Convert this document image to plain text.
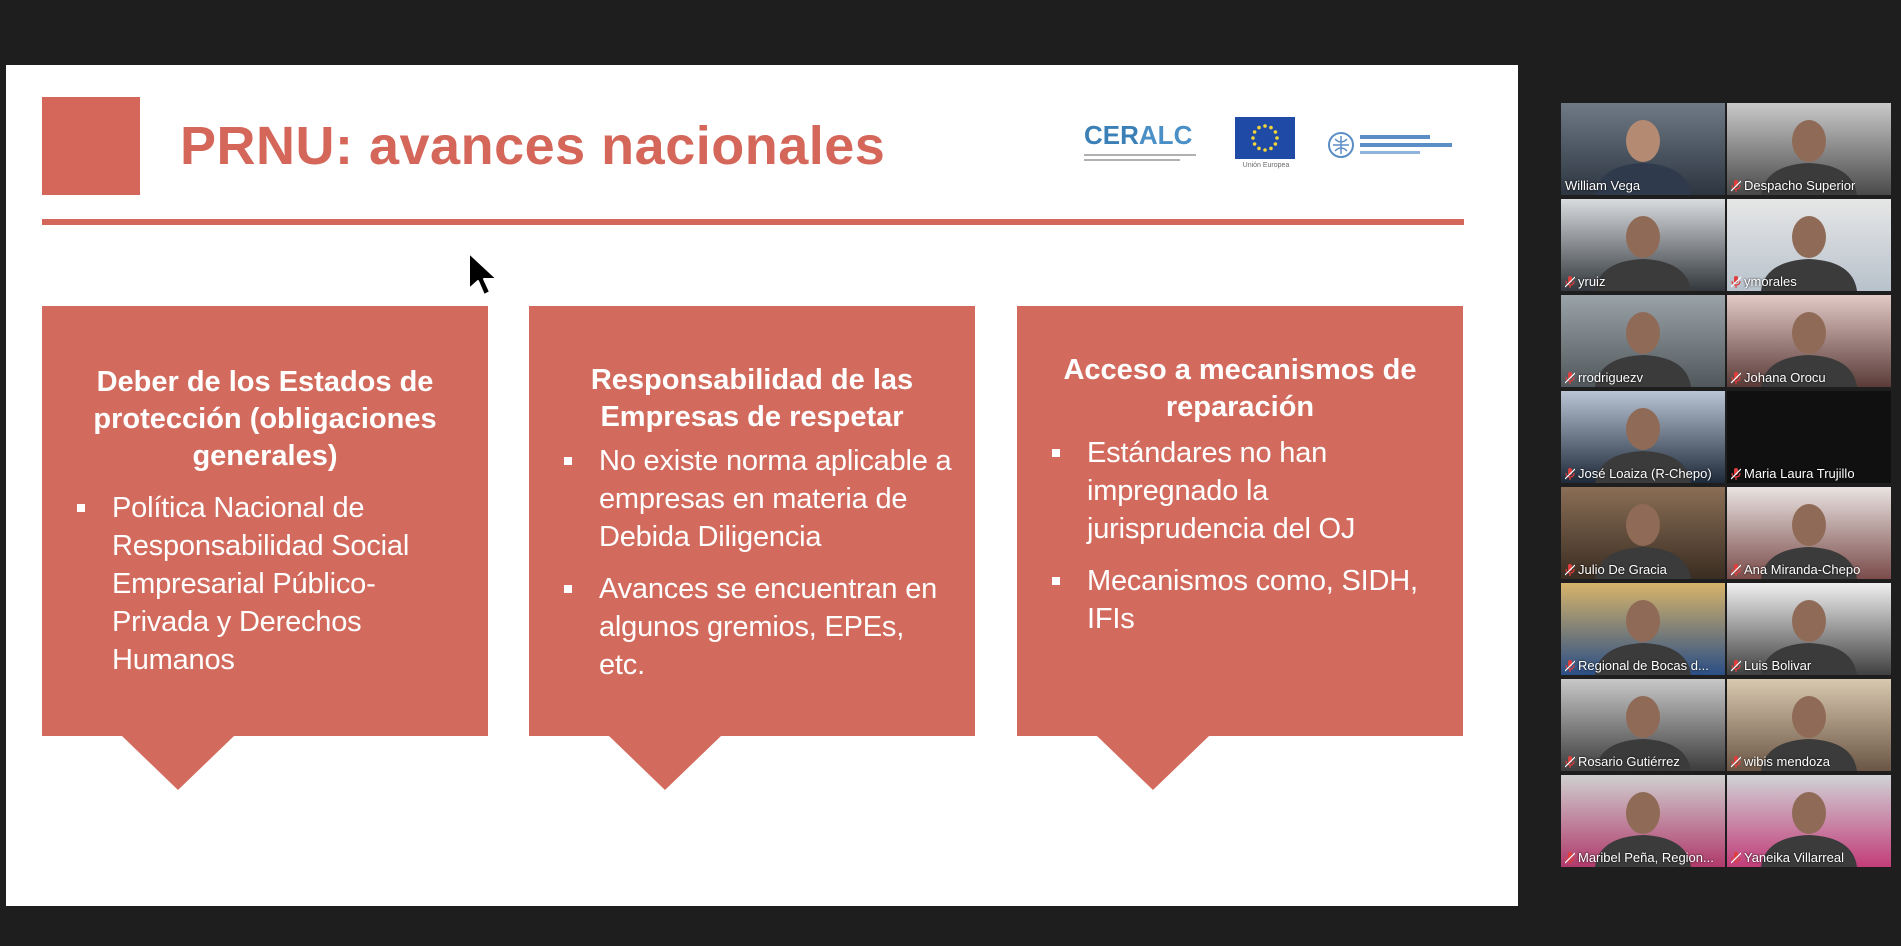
PRNU: avances nacionales	CERALC
Unión Europea
Deber de los Estados de protección (obligaciones generales)
Política Nacional de Responsabilidad Social Empresarial Público-Privada y Derechos Humanos
Responsabilidad de las Empresas de respetar
No existe norma aplicable a empresas en materia de Debida Diligencia
Avances se encuentran en algunos gremios, EPEs, etc.
Acceso a mecanismos de reparación
Estándares no han impregnado la jurisprudencia del OJ
Mecanismos como, SIDH, IFIs
William Vega	Despacho Superior
yruiz	ymorales
rrodriguezv	Johana Orocu
José Loaiza (R-Chepo) Maria Laura Trujillo
Julio De Gracia	Ana Miranda-Chepo
Regional de Bocas d...	Luis Bolivar
Rosario Gutiérrez	wibis mendoza
Maribel Peña, Region... Yaneika Villarreal
